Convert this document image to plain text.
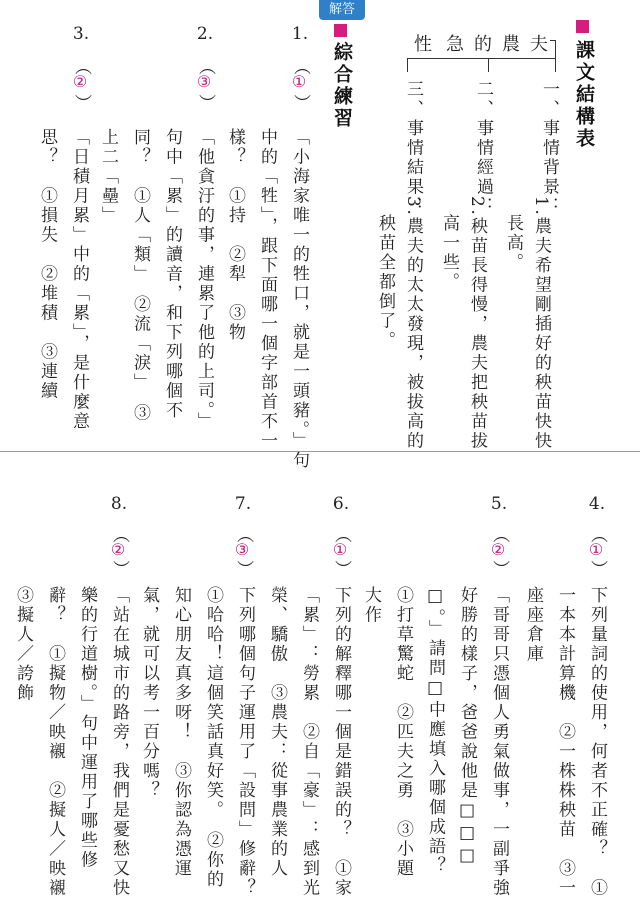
解答
課文結構表
性 急 的 農 夫
一、事情背景：
1.農夫希望剛插好的秧苗快快
長高。
二、事情經過：
2.秧苗長得慢，農夫把秧苗拔
高一些。
三、事情結果：
3.農夫的太太發現，被拔高的
秧苗全都倒了。
綜合練習
1.
︵
①
︶
「小海家唯一的牲口，就是一頭豬。」句
中的「牲」，跟下面哪一個字部首不一
樣？　①持　②犁　③物
2.
︵
③
︶
「他貪汙的事，連累了他的上司。」
句中「累」的讀音，和下列哪個不
同？　①人「類」　②流「淚」　③
上二「壘」
3.
︵
②
︶
「日積月累」中的「累」，是什麼意
思？　①損失　②堆積　③連續
4.
︵
①
︶
下列量詞的使用，何者不正確？　①
一本本計算機　②一株株秧苗　③一
座座倉庫
5.
︵
②
︶
「哥哥只憑個人勇氣做事，一副爭強
好勝的樣子，爸爸說他是□□□
□。」請問□中應填入哪個成語？
①打草驚蛇　②匹夫之勇　③小題
大作
6.
︵
①
︶
下列的解釋哪一個是錯誤的？　①家
「累」：勞累　②自「豪」：感到光
榮、驕傲　③農夫：從事農業的人
7.
︵
③
︶
下列哪個句子運用了「設問」修辭？
①哈哈！這個笑話真好笑。　②你的
知心朋友真多呀！　③你認為憑運
氣，就可以考一百分嗎？
8.
︵
②
︶
「站在城市的路旁，我們是憂愁又快
樂的行道樹。」句中運用了哪些修
辭？　①擬物／映襯　②擬人／映襯
③擬人／誇飾
